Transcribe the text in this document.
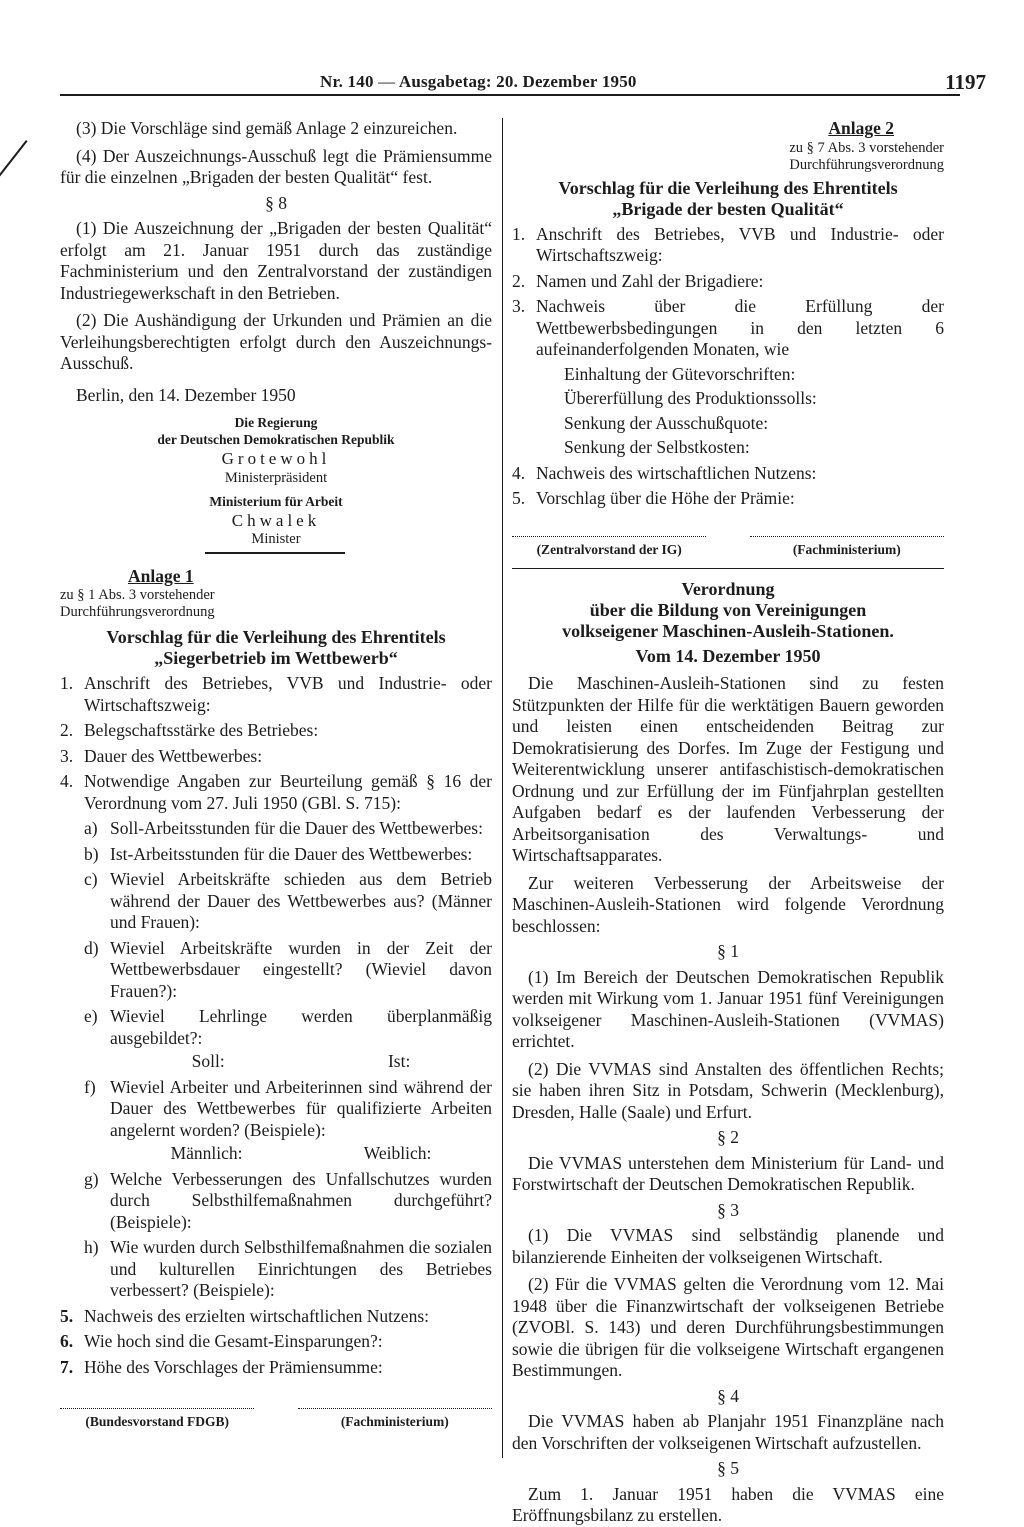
Nr. 140 — Ausgabetag: 20. Dezember 1950	1197

(3) Die Vorschläge sind gemäß Anlage 2 einzureichen.

(4) Der Auszeichnungs-Ausschuß legt die Prämiensumme für die einzelnen „Brigaden der besten Qualität“ fest.

§ 8

(1) Die Auszeichnung der „Brigaden der besten Qualität“ erfolgt am 21. Januar 1951 durch das zuständige Fachministerium und den Zentralvorstand der zuständigen Industriegewerkschaft in den Betrieben.

(2) Die Aushändigung der Urkunden und Prämien an die Verleihungsberechtigten erfolgt durch den Auszeichnungs-Ausschuß.

Berlin, den 14. Dezember 1950

Die Regierung

der Deutschen Demokratischen Republik

Grotewohl

Ministerpräsident

Ministerium für Arbeit

Chwalek

Minister

Anlage 1

zu § 1 Abs. 3 vorstehender

Durchführungsverordnung

Vorschlag für die Verleihung des Ehrentitels

„Siegerbetrieb im Wettbewerb“

1. Anschrift des Betriebes, VVB und Industrie- oder Wirtschaftszweig:
2. Belegschaftsstärke des Betriebes:
3. Dauer des Wettbewerbes:
4. Notwendige Angaben zur Beurteilung gemäß § 16 der Verordnung vom 27. Juli 1950 (GBl. S. 715):
a) Soll-Arbeitsstunden für die Dauer des Wettbewerbes:
b) Ist-Arbeitsstunden für die Dauer des Wettbewerbes:
c) Wieviel Arbeitskräfte schieden aus dem Betrieb während der Dauer des Wettbewerbes aus? (Männer und Frauen):
d) Wieviel Arbeitskräfte wurden in der Zeit der Wettbewerbsdauer eingestellt? (Wieviel davon Frauen?):
e) Wieviel Lehrlinge werden überplanmäßig ausgebildet?:
Soll:	Ist:
f) Wieviel Arbeiter und Arbeiterinnen sind während der Dauer des Wettbewerbes für qualifizierte Arbeiten angelernt worden? (Beispiele):
Männlich:	Weiblich:
g) Welche Verbesserungen des Unfallschutzes wurden durch Selbsthilfemaßnahmen durchgeführt? (Beispiele):
h) Wie wurden durch Selbsthilfemaßnahmen die sozialen und kulturellen Einrichtungen des Betriebes verbessert? (Beispiele):
5. Nachweis des erzielten wirtschaftlichen Nutzens:
6. Wie hoch sind die Gesamt-Einsparungen?:
7. Höhe des Vorschlages der Prämiensumme:

(Bundesvorstand FDGB)	(Fachministerium)

Anlage 2

zu § 7 Abs. 3 vorstehender

Durchführungsverordnung

Vorschlag für die Verleihung des Ehrentitels

„Brigade der besten Qualität“

1. Anschrift des Betriebes, VVB und Industrie- oder Wirtschaftszweig:
2. Namen und Zahl der Brigadiere:
3. Nachweis über die Erfüllung der Wettbewerbsbedingungen in den letzten 6 aufeinanderfolgenden Monaten, wie

Einhaltung der Gütevorschriften:

Übererfüllung des Produktionssolls:

Senkung der Ausschußquote:

Senkung der Selbstkosten:

4. Nachweis des wirtschaftlichen Nutzens:
5. Vorschlag über die Höhe der Prämie:

(Zentralvorstand der IG)	(Fachministerium)

Verordnung

über die Bildung von Vereinigungen

volkseigener Maschinen-Ausleih-Stationen.

Vom 14. Dezember 1950

Die Maschinen-Ausleih-Stationen sind zu festen Stützpunkten der Hilfe für die werktätigen Bauern geworden und leisten einen entscheidenden Beitrag zur Demokratisierung des Dorfes. Im Zuge der Festigung und Weiterentwicklung unserer antifaschistisch-demokratischen Ordnung und zur Erfüllung der im Fünfjahrplan gestellten Aufgaben bedarf es der laufenden Verbesserung der Arbeitsorganisation des Verwaltungs- und Wirtschaftsapparates.

Zur weiteren Verbesserung der Arbeitsweise der Maschinen-Ausleih-Stationen wird folgende Verordnung beschlossen:

§ 1

(1) Im Bereich der Deutschen Demokratischen Republik werden mit Wirkung vom 1. Januar 1951 fünf Vereinigungen volkseigener Maschinen-Ausleih-Stationen (VVMAS) errichtet.

(2) Die VVMAS sind Anstalten des öffentlichen Rechts; sie haben ihren Sitz in Potsdam, Schwerin (Mecklenburg), Dresden, Halle (Saale) und Erfurt.

§ 2

Die VVMAS unterstehen dem Ministerium für Land- und Forstwirtschaft der Deutschen Demokratischen Republik.

§ 3

(1) Die VVMAS sind selbständig planende und bilanzierende Einheiten der volkseigenen Wirtschaft.

(2) Für die VVMAS gelten die Verordnung vom 12. Mai 1948 über die Finanzwirtschaft der volkseigenen Betriebe (ZVOBl. S. 143) und deren Durchführungsbestimmungen sowie die übrigen für die volkseigene Wirtschaft ergangenen Bestimmungen.

§ 4

Die VVMAS haben ab Planjahr 1951 Finanzpläne nach den Vorschriften der volkseigenen Wirtschaft aufzustellen.

§ 5

Zum 1. Januar 1951 haben die VVMAS eine Eröffnungsbilanz zu erstellen.
